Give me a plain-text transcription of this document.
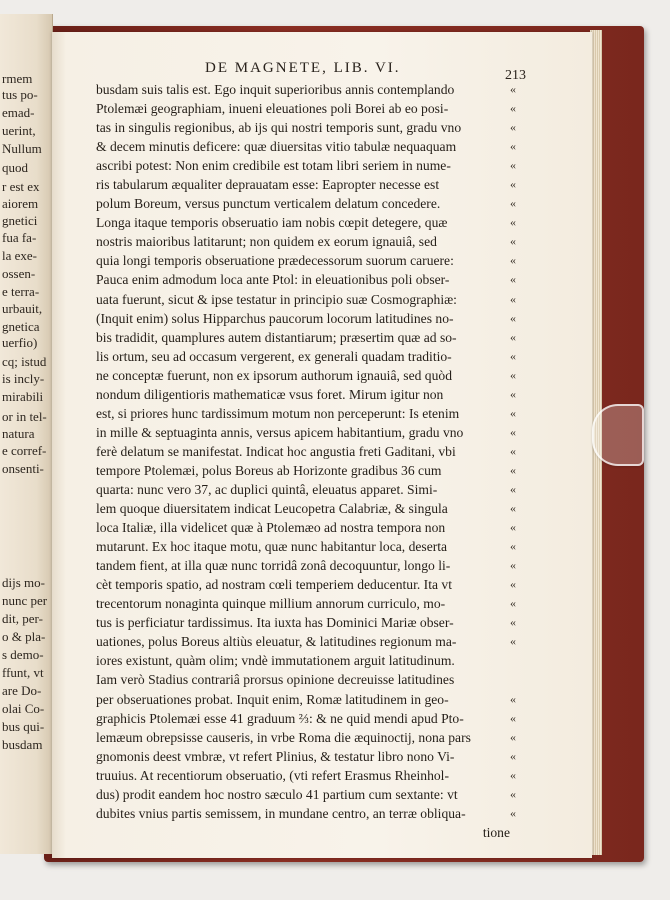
rmem
tus po-
emad-
uerint,
Nullum
quod
r est ex
aiorem
gnetici
fua fa-
la exe-
ossen-
e terra-
urbauit,
gnetica
uerfio)
cq; istud
is incly-
mirabili
or in tel-
natura
e corref-
onsenti-
dijs mo-
nunc per
dit, per-
o & pla-
s demo-
ffunt, vt
are Do-
olai Co-
bus qui-
busdam
DE MAGNETE, LIB. VI.	213
busdam suis talis est. Ego inquit superioribus annis contemplando
Ptolemæi geographiam, inueni eleuationes poli Borei ab eo posi-
tas in singulis regionibus, ab ijs qui nostri temporis sunt, gradu vno
& decem minutis deficere: quæ diuersitas vitio tabulæ nequaquam
ascribi potest: Non enim credibile est totam libri seriem in nume-
ris tabularum æqualiter deprauatam esse: Eapropter necesse est
polum Boreum, versus punctum verticalem delatum concedere.
Longa itaque temporis obseruatio iam nobis cœpit detegere, quæ
nostris maioribus latitarunt; non quidem ex eorum ignauiâ, sed
quia longi temporis obseruatione prædecessorum suorum caruere:
Pauca enim admodum loca ante Ptol: in eleuationibus poli obser-
uata fuerunt, sicut & ipse testatur in principio suæ Cosmographiæ:
(Inquit enim) solus Hipparchus paucorum locorum latitudines no-
bis tradidit, quamplures autem distantiarum; præsertim quæ ad so-
lis ortum, seu ad occasum vergerent, ex generali quadam traditio-
ne conceptæ fuerunt, non ex ipsorum authorum ignauiâ, sed quòd
nondum diligentioris mathematicæ vsus foret. Mirum igitur non
est, si priores hunc tardissimum motum non perceperunt: Is etenim
in mille & septuaginta annis, versus apicem habitantium, gradu vno
ferè delatum se manifestat. Indicat hoc angustia freti Gaditani, vbi
tempore Ptolemæi, polus Boreus ab Horizonte gradibus 36 cum
quarta: nunc vero 37, ac duplici quintâ, eleuatus apparet. Simi-
lem quoque diuersitatem indicat Leucopetra Calabriæ, & singula
loca Italiæ, illa videlicet quæ à Ptolemæo ad nostra tempora non
mutarunt. Ex hoc itaque motu, quæ nunc habitantur loca, deserta
tandem fient, at illa quæ nunc torridâ zonâ decoquuntur, longo li-
cèt temporis spatio, ad nostram cœli temperiem deducentur. Ita vt
trecentorum nonaginta quinque millium annorum curriculo, mo-
tus is perficiatur tardissimus. Ita iuxta has Dominici Mariæ obser-
uationes, polus Boreus altiùs eleuatur, & latitudines regionum ma-
iores existunt, quàm olim; vndè immutationem arguit latitudinum.
Iam verò Stadius contrariâ prorsus opinione decreuisse latitudines
per obseruationes probat. Inquit enim, Romæ latitudinem in geo-
graphicis Ptolemæi esse 41 graduum ⅔: & ne quid mendi apud Pto-
lemæum obrepsisse causeris, in vrbe Roma die æquinoctij, nona pars
gnomonis deest vmbræ, vt refert Plinius, & testatur libro nono Vi-
truuius. At recentiorum obseruatio, (vti refert Erasmus Rheinhol-
dus) prodit eandem hoc nostro sæculo 41 partium cum sextante: vt
dubites vnius partis semissem, in mundane centro, an terræ obliqua-
tione
«
«
«
«
«
«
«
«
«
«
«
«
«
«
«
«
«
«
«
«
«
«
«
«
«
«
«
«
«
«
«
«
«
«
«
«
«
